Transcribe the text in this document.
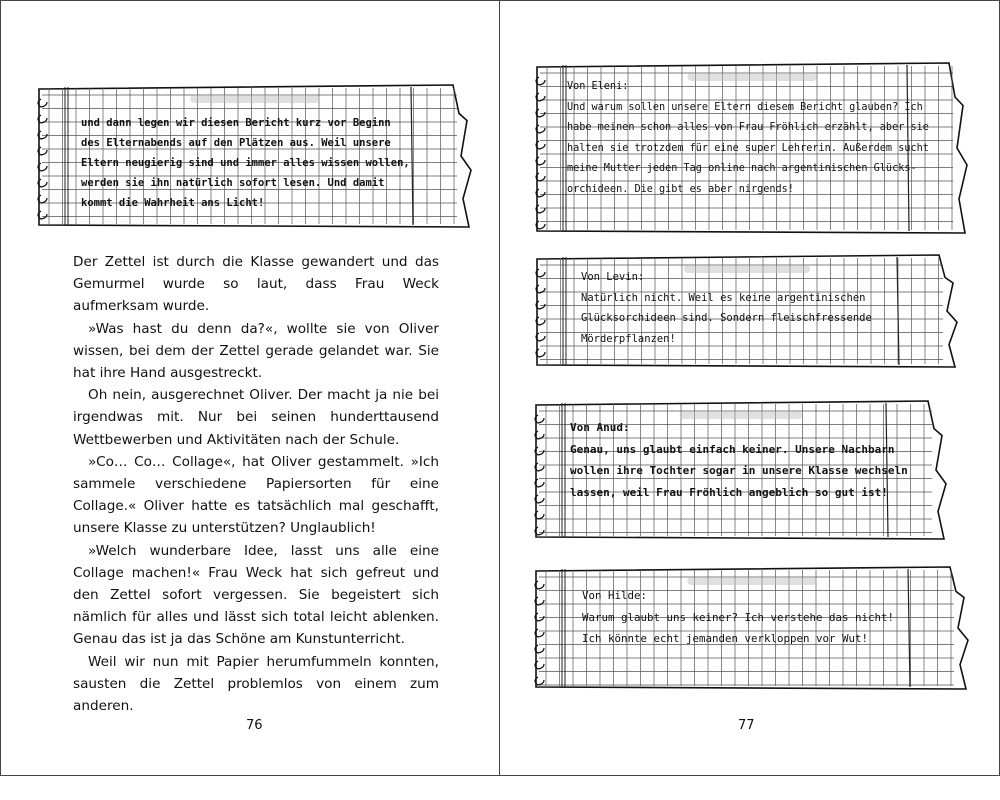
und dann legen wir diesen Bericht kurz vor Beginn
des Elternabends auf den Plätzen aus. Weil unsere
Eltern neugierig sind und immer alles wissen wollen,
werden sie ihn natürlich sofort lesen. Und damit
kommt die Wahrheit ans Licht!

Der Zettel ist durch die Klasse gewandert und das Gemurmel wurde so laut, dass Frau Weck aufmerksam wurde.

»Was hast du denn da?«, wollte sie von Oliver wissen, bei dem der Zettel gerade gelandet war. Sie hat ihre Hand ausgestreckt.

Oh nein, ausgerechnet Oliver. Der macht ja nie bei irgendwas mit. Nur bei seinen hunderttausend Wettbewerben und Aktivitäten nach der Schule.

»Co… Co… Collage«, hat Oliver gestammelt. »Ich sammele verschiedene Papiersorten für eine Collage.« Oliver hatte es tatsächlich mal geschafft, unsere Klasse zu unterstützen? Unglaublich!

»Welch wunderbare Idee, lasst uns alle eine Collage machen!« Frau Weck hat sich gefreut und den Zettel sofort vergessen. Sie begeistert sich nämlich für alles und lässt sich total leicht ablenken. Genau das ist ja das Schöne am Kunstunterricht.

Weil wir nun mit Papier herumfummeln konnten, sausten die Zettel problemlos von einem zum anderen.

76
Von Eleni:
Und warum sollen unsere Eltern diesem Bericht glauben? Ich
habe meinen schon alles von Frau Fröhlich erzählt, aber sie
halten sie trotzdem für eine super Lehrerin. Außerdem sucht
meine Mutter jeden Tag online nach argentinischen Glücks-
orchideen. Die gibt es aber nirgends!
Von Levin:
Natürlich nicht. Weil es keine argentinischen
Glücksorchideen sind. Sondern fleischfressende
Mörderpflanzen!
Von Anud:
Genau, uns glaubt einfach keiner. Unsere Nachbarn
wollen ihre Tochter sogar in unsere Klasse wechseln
lassen, weil Frau Fröhlich angeblich so gut ist!
Von Hilde:
Warum glaubt uns keiner? Ich verstehe das nicht!
Ich könnte echt jemanden verkloppen vor Wut!
77
